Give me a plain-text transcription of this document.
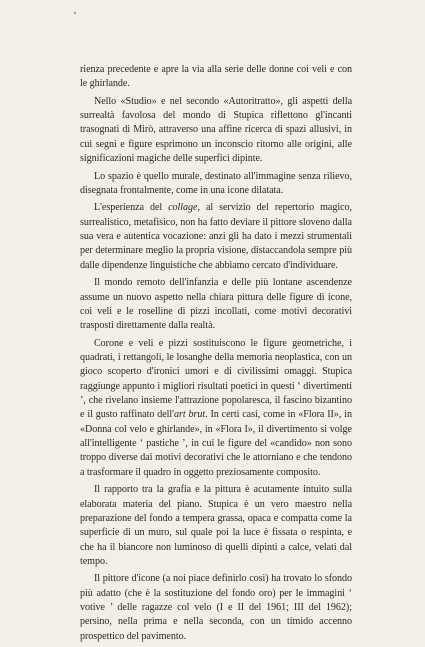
rienza precedente e apre la via alla serie delle donne coi veli e con le ghirlande.

Nello «Studio» e nel secondo «Autoritratto», gli aspetti della surrealtà favolosa del mondo di Stupica riflettono gl'incanti trasognati di Mirò, attraverso una affine ricerca di spazi allusivi, in cui segni e figure esprimono un inconscio ritorno alle origini, alle significazioni magiche delle superfici dipinte.

Lo spazio è quello murale, destinato all'immagine senza rilievo, disegnata frontalmente, come in una icone dilatata.

L'esperienza del collage, al servizio del repertorio magico, surrealistico, metafisico, non ha fatto deviare il pittore sloveno dalla sua vera e autentica vocazione: anzi gli ha dato i mezzi strumentali per determinare meglio la propria visione, distaccandola sempre più dalle dipendenze linguistiche che abbiamo cercato d'individuare.

Il mondo remoto dell'infanzia e delle più lontane ascendenze assume un nuovo aspetto nella chiara pittura delle figure di icone, coi veli e le roselline di pizzi incollati, come motivi decorativi trasposti direttamente dalla realtà.

Corone e veli e pizzi sostituiscono le figure geometriche, i quadrati, i rettangoli, le losanghe della memoria neoplastica, con un gioco scoperto d'ironici umori e di civilissimi omaggi. Stupica raggiunge appunto i migliori risultati poetici in questi ‘ divertimenti ’, che rivelano insieme l'attrazione popolaresca, il fascino bizantino e il gusto raffinato dell'art brut. In certi casi, come in «Flora II», in «Donna col velo e ghirlande», in «Flora I», il divertimento si volge all'intelligente ‘ pastiche ’, in cui le figure del «candido» non sono troppo diverse dai motivi decorativi che le attorniano e che tendono a trasformare il quadro in oggetto preziosamente composito.

Il rapporto tra la grafia e la pittura è acutamente intuito sulla elaborata materia del piano. Stupica è un vero maestro nella preparazione del fondo a tempera grassa, opaca e compatta come la superficie di un muro, sul quale poi la luce è fissata o respinta, e che ha il biancore non luminoso di quelli dipinti a calce, velati dal tempo.

Il pittore d'icone (a noi piace definirlo così) ha trovato lo sfondo più adatto (che è la sostituzione del fondo oro) per le immagini ‘ votive ’ delle ragazze col velo (I e II del 1961; III del 1962); persino, nella prima e nella seconda, con un timido accenno prospettico del pavimento.
